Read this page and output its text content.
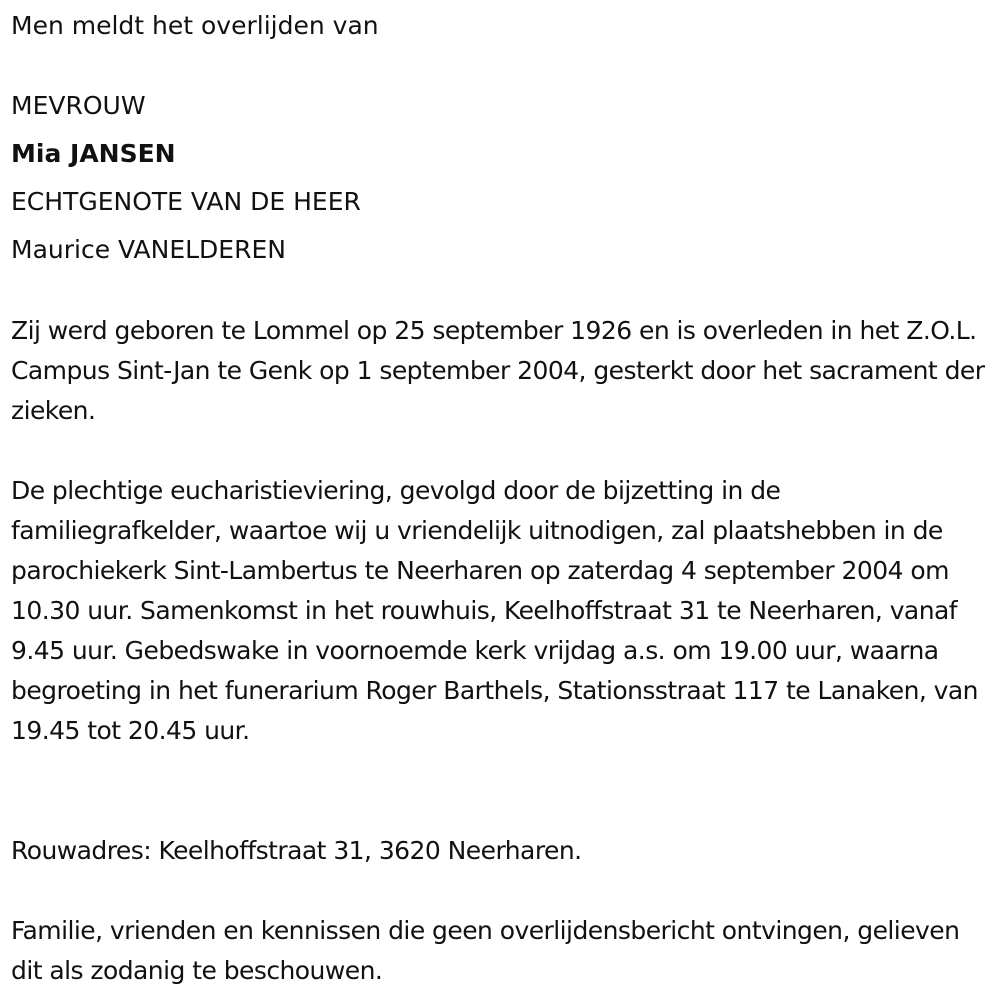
Men meldt het overlijden van
MEVROUW
Mia JANSEN
ECHTGENOTE VAN DE HEER
Maurice VANELDEREN

Zij werd geboren te Lommel op 25 september 1926 en is overleden in het Z.O.L. Campus Sint-Jan te Genk op 1 september 2004, gesterkt door het sacrament der zieken.

De plechtige eucharistieviering, gevolgd door de bijzetting in de familiegrafkelder, waartoe wij u vriendelijk uitnodigen, zal plaatshebben in de parochiekerk Sint-Lambertus te Neerharen op zaterdag 4 september 2004 om 10.30 uur. Samenkomst in het rouwhuis, Keelhoffstraat 31 te Neerharen, vanaf 9.45 uur. Gebedswake in voornoemde kerk vrijdag a.s. om 19.00 uur, waarna begroeting in het funerarium Roger Barthels, Stationsstraat 117 te Lanaken, van 19.45 tot 20.45 uur.

Rouwadres: Keelhoffstraat 31, 3620 Neerharen.

Familie, vrienden en kennissen die geen overlijdensbericht ontvingen, gelieven dit als zodanig te beschouwen.
